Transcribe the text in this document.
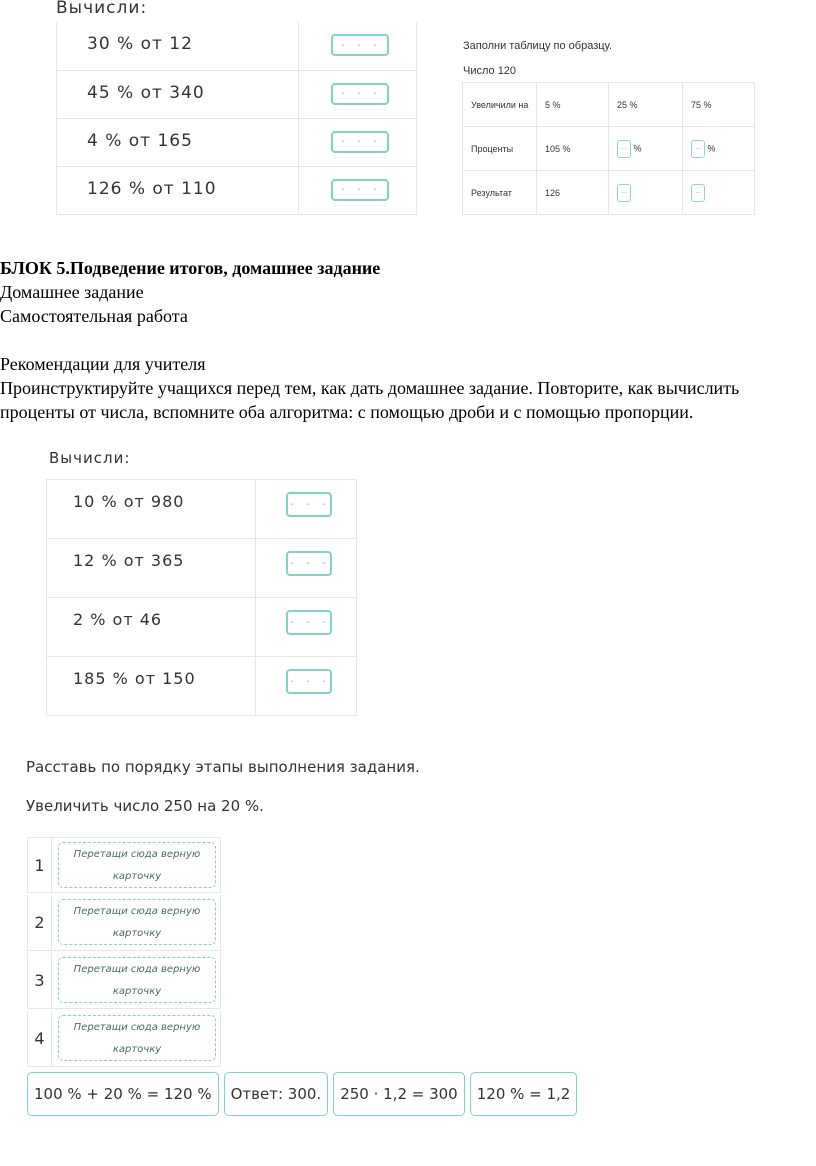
Вычисли:
30 % от 12	- - -

45 % от 340	- - -

4 % от 165	- - -

126 % от 110	- - -
Заполни таблицу по образцу.
Число 120
Увеличили на	5 %	25 %	75 %
Проценты	105 %	... %	... %
Результат	126	...	...
БЛОК 5.Подведение итогов, домашнее задание
Домашнее задание
Самостоятельная работа
Рекомендации для учителя
Проинструктируйте учащихся перед тем, как дать домашнее задание. Повторите, как вычислить проценты от числа, вспомните оба алгоритма: с помощью дроби и с помощью пропорции.
Вычисли:
10 % от 980	- - -

12 % от 365	- - -

2 % от 46	- - -

185 % от 150	- - -
Расставь по порядку этапы выполнения задания.
Увеличить число 250 на 20 %.
1
Перетащи сюда верную
карточку
2
Перетащи сюда верную
карточку
3
Перетащи сюда верную
карточку
4
Перетащи сюда верную
карточку
100 % + 20 % = 120 %	Ответ: 300.	250 · 1,2 = 300	120 % = 1,2
